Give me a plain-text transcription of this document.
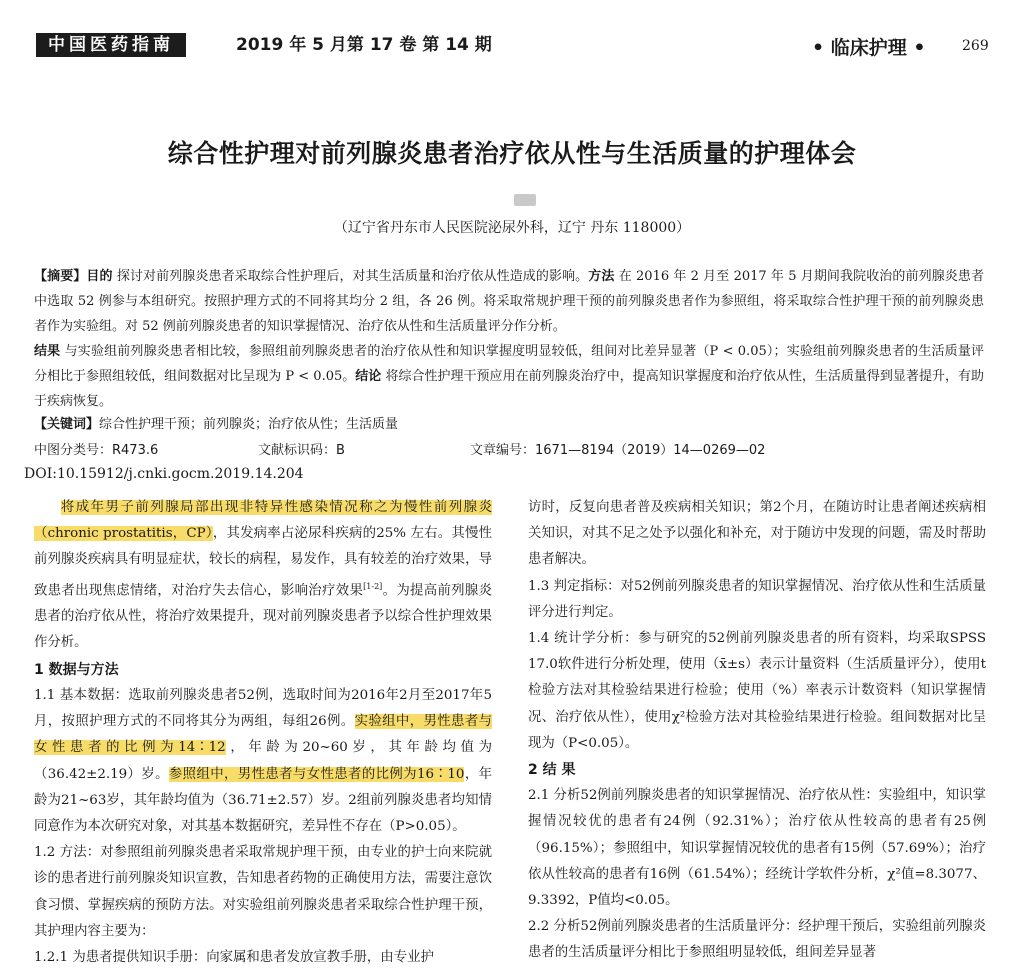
中国医药指南	2019 年 5 月第 17 卷 第 14 期	• 临床护理 •	269
综合性护理对前列腺炎患者治疗依从性与生活质量的护理体会
（辽宁省丹东市人民医院泌尿外科，辽宁 丹东 118000）
【摘要】目的 探讨对前列腺炎患者采取综合性护理后，对其生活质量和治疗依从性造成的影响。方法 在 2016 年 2 月至 2017 年 5 月期间我院收治的前列腺炎患者中选取 52 例参与本组研究。按照护理方式的不同将其均分 2 组，各 26 例。将采取常规护理干预的前列腺炎患者作为参照组，将采取综合性护理干预的前列腺炎患者作为实验组。对 52 例前列腺炎患者的知识掌握情况、治疗依从性和生活质量评分作分析。
结果 与实验组前列腺炎患者相比较，参照组前列腺炎患者的治疗依从性和知识掌握度明显较低，组间对比差异显著（P < 0.05）；实验组前列腺炎患者的生活质量评分相比于参照组较低，组间数据对比呈现为 P < 0.05。结论 将综合性护理干预应用在前列腺炎治疗中，提高知识掌握度和治疗依从性，生活质量得到显著提升，有助于疾病恢复。
【关键词】综合性护理干预；前列腺炎；治疗依从性；生活质量
中图分类号：R473.6	文献标识码：B	文章编号：1671—8194（2019）14—0269—02
DOI:10.15912/j.cnki.gocm.2019.14.204

将成年男子前列腺局部出现非特异性感染情况称之为慢性前列腺炎（chronic prostatitis，CP），其发病率占泌尿科疾病的25% 左右。其慢性前列腺炎疾病具有明显症状，较长的病程，易发作，具有较差的治疗效果，导致患者出现焦虑情绪，对治疗失去信心，影响治疗效果[1-2]。为提高前列腺炎患者的治疗依从性，将治疗效果提升，现对前列腺炎患者予以综合性护理效果作分析。

1 数据与方法

1.1 基本数据：选取前列腺炎患者52例，选取时间为2016年2月至2017年5月，按照护理方式的不同将其分为两组，每组26例。实验组中，男性患者与女性患者的比例为14∶12，年龄为20~60岁，其年龄均值为（36.42±2.19）岁。参照组中，男性患者与女性患者的比例为16∶10，年龄为21~63岁，其年龄均值为（36.71±2.57）岁。2组前列腺炎患者均知情同意作为本次研究对象，对其基本数据研究，差异性不存在（P>0.05）。

1.2 方法：对参照组前列腺炎患者采取常规护理干预，由专业的护士向来院就诊的患者进行前列腺炎知识宣教，告知患者药物的正确使用方法，需要注意饮食习惯、掌握疾病的预防方法。对实验组前列腺炎患者采取综合性护理干预，其护理内容主要为：

1.2.1 为患者提供知识手册：向家属和患者发放宣教手册，由专业护

访时，反复向患者普及疾病相关知识；第2个月，在随访时让患者阐述疾病相关知识，对其不足之处予以强化和补充，对于随访中发现的问题，需及时帮助患者解决。

1.3 判定指标：对52例前列腺炎患者的知识掌握情况、治疗依从性和生活质量评分进行判定。

1.4 统计学分析：参与研究的52例前列腺炎患者的所有资料，均采取SPSS 17.0软件进行分析处理，使用（x̄±s）表示计量资料（生活质量评分），使用t检验方法对其检验结果进行检验；使用（%）率表示计数资料（知识掌握情况、治疗依从性），使用χ²检验方法对其检验结果进行检验。组间数据对比呈现为（P<0.05）。

2 结 果

2.1 分析52例前列腺炎患者的知识掌握情况、治疗依从性：实验组中，知识掌握情况较优的患者有24例（92.31%）；治疗依从性较高的患者有25例（96.15%）；参照组中，知识掌握情况较优的患者有15例（57.69%）；治疗依从性较高的患者有16例（61.54%）；经统计学软件分析，χ²值=8.3077、9.3392，P值均<0.05。

2.2 分析52例前列腺炎患者的生活质量评分：经护理干预后，实验组前列腺炎患者的生活质量评分相比于参照组明显较低，组间差异显著
